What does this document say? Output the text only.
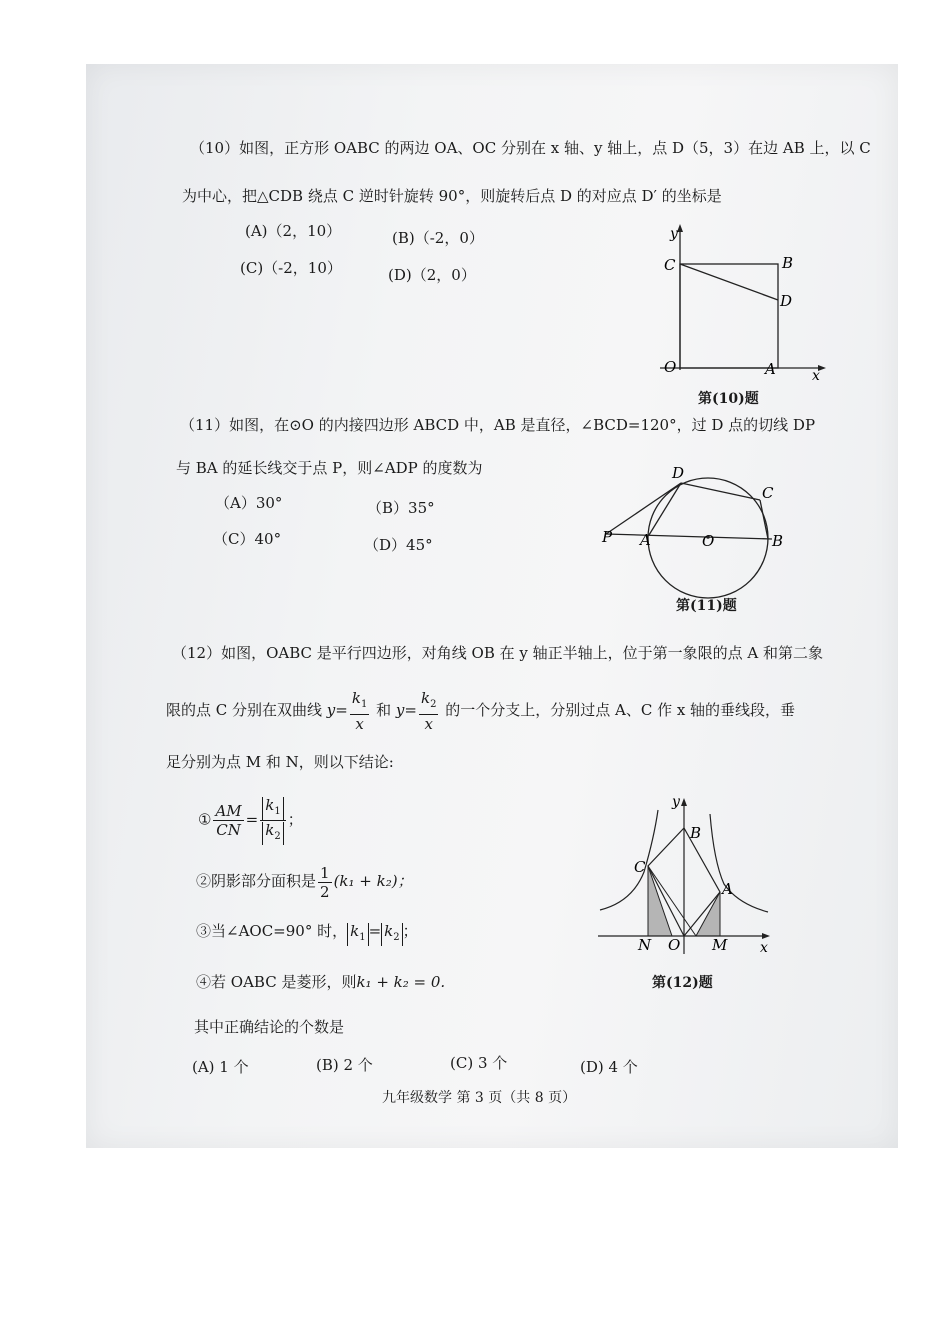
（10）如图，正方形 OABC 的两边 OA、OC 分别在 x 轴、y 轴上，点 D（5，3）在边 AB 上，以 C
为中心，把△CDB 绕点 C 逆时针旋转 90°，则旋转后点 D 的对应点 D′ 的坐标是
(A)（2，10）	(B)（-2，0）
(C)（-2，10）	(D)（2，0）
y
C	B
D
O	A	x
第(10)题
（11）如图，在⊙O 的内接四边形 ABCD 中，AB 是直径，∠BCD=120°，过 D 点的切线 DP
与 BA 的延长线交于点 P，则∠ADP 的度数为
（A）30°	（B）35°
（C）40°	（D）45°
D
C
P A	O	B
第(11)题
（12）如图，OABC 是平行四边形，对角线 OB 在 y 轴正半轴上，位于第一象限的点 A 和第二象
限的点 C 分别在双曲线 $y= \frac{k_1}{x}$ 和 $y= \frac{k_2}{x}$ 的一个分支上，分别过点 A、C 作 x 轴的垂线段，垂
足分别为点 M 和 N，则以下结论:
① $\frac{AM}{CN} = \frac{k_1}{k_2}$ ；
②阴影部分面积是 $\frac{1}{2} (k_1 + k_2)$；
③当∠AOC=90° 时， $k_1 = k_2$ ；
④若 OABC 是菱形，则k₁ + k₂ = 0.
其中正确结论的个数是
(A) 1 个	(B) 2 个	(C) 3 个	(D) 4 个
y
B
C
A
N O M x
第(12)题
九年级数学 第 3 页（共 8 页）
